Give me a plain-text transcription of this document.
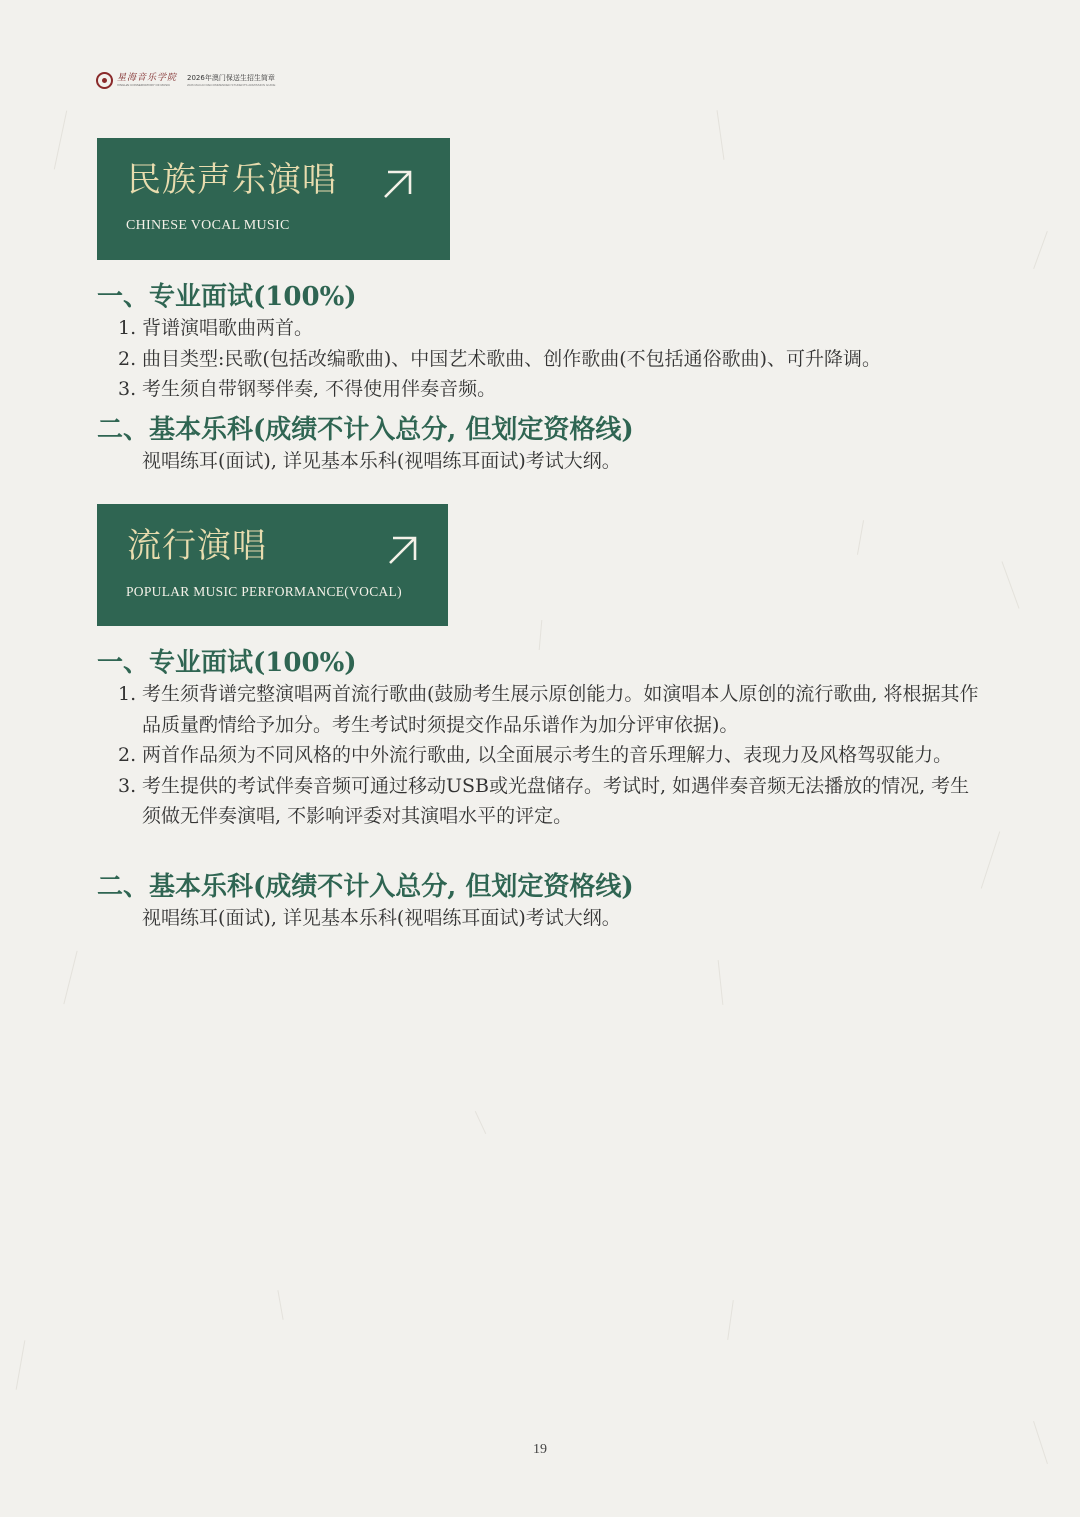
星海音乐学院
XINGHAI CONSERVATORY OF MUSIC
2026年澳门保送生招生简章
2026 MACAO RECOMMENDED STUDENTS ADMISSION GUIDE
民族声乐演唱
CHINESE VOCAL MUSIC
一、专业面试(100%)
1. 背谱演唱歌曲两首。
2. 曲目类型:民歌(包括改编歌曲)、中国艺术歌曲、创作歌曲(不包括通俗歌曲)、可升降调。
3. 考生须自带钢琴伴奏, 不得使用伴奏音频。
二、基本乐科(成绩不计入总分, 但划定资格线)
视唱练耳(面试), 详见基本乐科(视唱练耳面试)考试大纲。
流行演唱
POPULAR MUSIC PERFORMANCE(VOCAL)
一、专业面试(100%)
1. 考生须背谱完整演唱两首流行歌曲(鼓励考生展示原创能力。如演唱本人原创的流行歌曲, 将根据其作品质量酌情给予加分。考生考试时须提交作品乐谱作为加分评审依据)。
2. 两首作品须为不同风格的中外流行歌曲, 以全面展示考生的音乐理解力、表现力及风格驾驭能力。
3. 考生提供的考试伴奏音频可通过移动USB或光盘储存。考试时, 如遇伴奏音频无法播放的情况, 考生须做无伴奏演唱, 不影响评委对其演唱水平的评定。
二、基本乐科(成绩不计入总分, 但划定资格线)
视唱练耳(面试), 详见基本乐科(视唱练耳面试)考试大纲。
19
